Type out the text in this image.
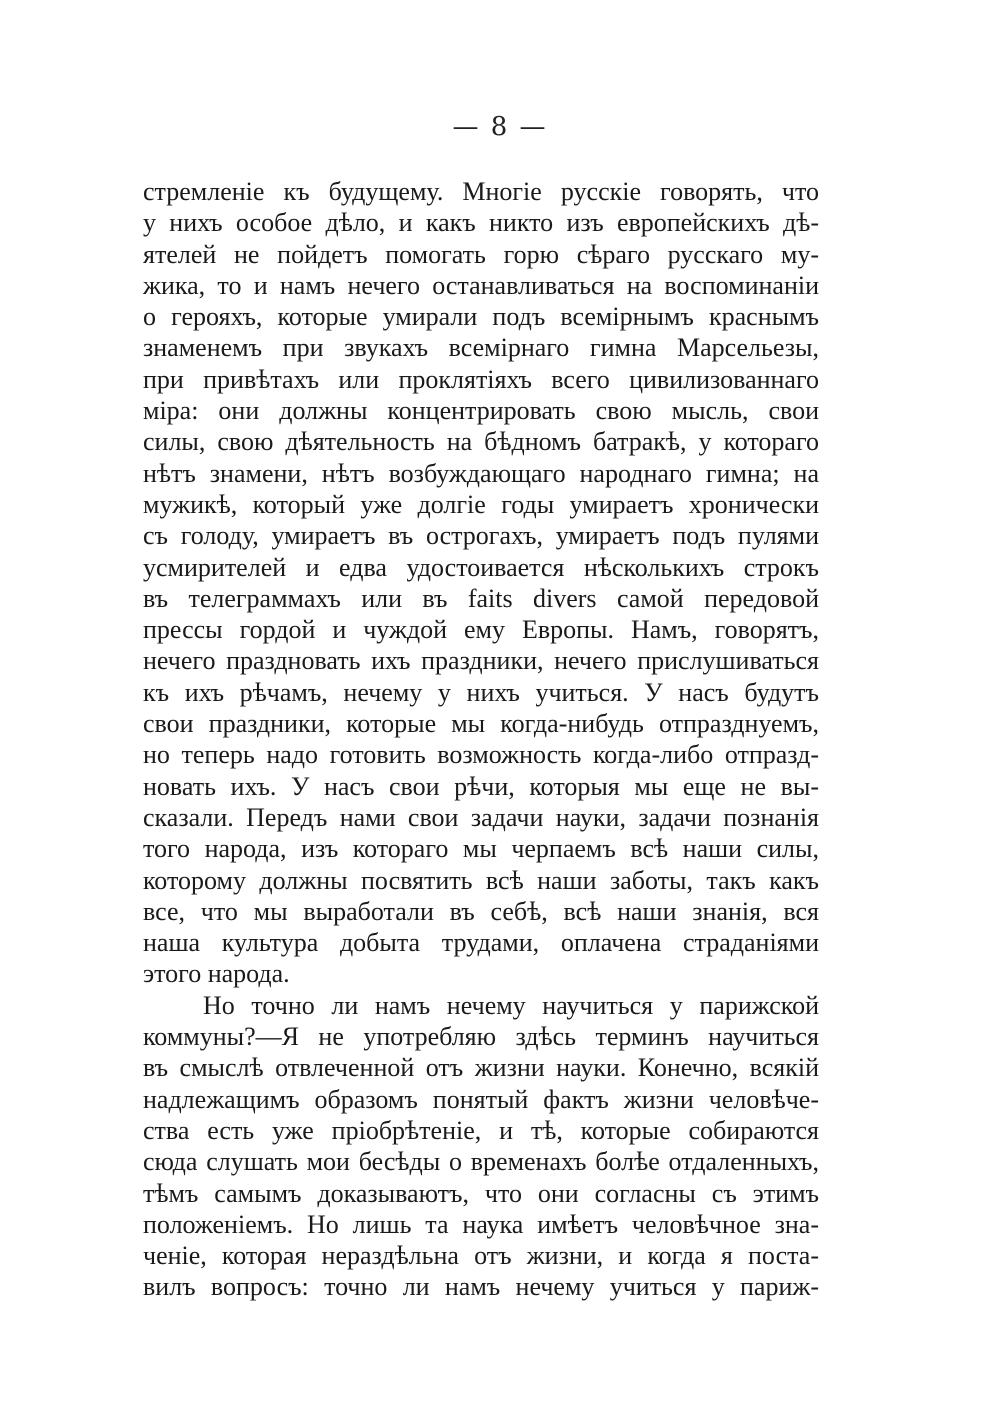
— 8 —
стремленіе къ будущему. Многіе русскіе говорять, что
у нихъ особое дѣло, и какъ никто изъ европейскихъ дѣ-
ятелей не пойдетъ помогать горю сѣраго русскаго му-
жика, то и намъ нечего останавливаться на воспоминаніи
о герояхъ, которые умирали подъ всемірнымъ краснымъ
знаменемъ при звукахъ всемірнаго гимна Марсельезы,
при привѣтахъ или проклятіяхъ всего цивилизованнаго
міра: они должны концентрировать свою мысль, свои
силы, свою дѣятельность на бѣдномъ батракѣ, у котораго
нѣтъ знамени, нѣтъ возбуждающаго народнаго гимна; на
мужикѣ, который уже долгіе годы умираетъ хронически
съ голоду, умираетъ въ острогахъ, умираетъ подъ пулями
усмирителей и едва удостоивается нѣсколькихъ строкъ
въ телеграммахъ или въ faits divers самой передовой
прессы гордой и чуждой ему Европы. Намъ, говорятъ,
нечего праздновать ихъ праздники, нечего прислушиваться
къ ихъ рѣчамъ, нечему у нихъ учиться. У насъ будутъ
свои праздники, которые мы когда-нибудь отпразднуемъ,
но теперь надо готовить возможность когда-либо отпразд-
новать ихъ. У насъ свои рѣчи, которыя мы еще не вы-
сказали. Передъ нами свои задачи науки, задачи познанія
того народа, изъ котораго мы черпаемъ всѣ наши силы,
которому должны посвятить всѣ наши заботы, такъ какъ
все, что мы выработали въ себѣ, всѣ наши знанія, вся
наша культура добыта трудами, оплачена страданіями
этого народа.
Но точно ли намъ нечему научиться у парижской
коммуны?—Я не употребляю здѣсь терминъ научиться
въ смыслѣ отвлеченной отъ жизни науки. Конечно, всякій
надлежащимъ образомъ понятый фактъ жизни человѣче-
ства есть уже пріобрѣтеніе, и тѣ, которые собираются
сюда слушать мои бесѣды о временахъ болѣе отдаленныхъ,
тѣмъ самымъ доказываютъ, что они согласны съ этимъ
положеніемъ. Но лишь та наука имѣетъ человѣчное зна-
ченіе, которая нераздѣльна отъ жизни, и когда я поста-
вилъ вопросъ: точно ли намъ нечему учиться у париж-
